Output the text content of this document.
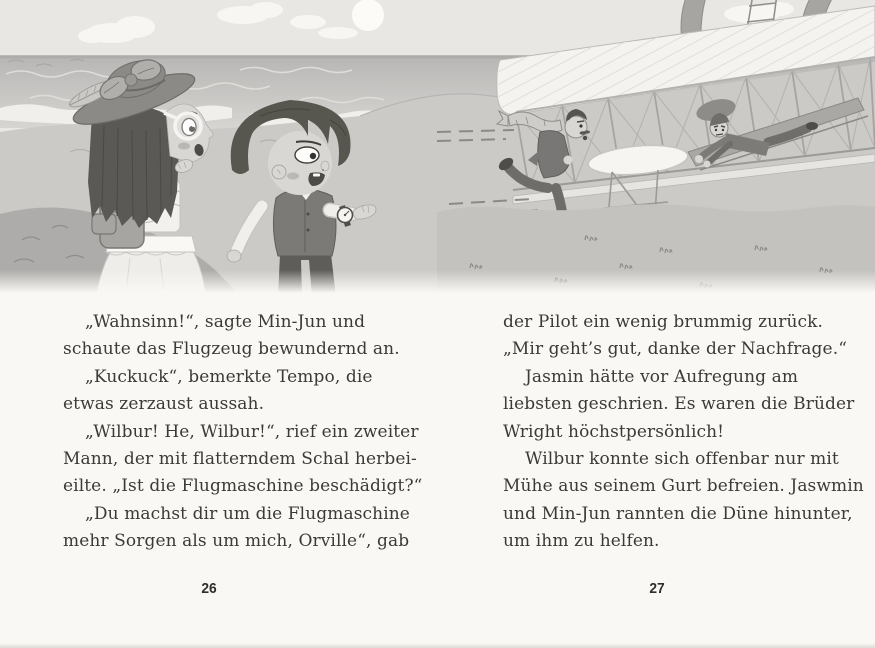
„Wahnsinn!“, sagte Min-Jun und

schaute das Flugzeug bewundernd an.

„Kuckuck“, bemerkte Tempo, die

etwas zerzaust aussah.

„Wilbur! He, Wilbur!“, rief ein zweiter

Mann, der mit flatterndem Schal herbei-

eilte. „Ist die Flugmaschine beschädigt?“

„Du machst dir um die Flugmaschine

mehr Sorgen als um mich, Orville“, gab

der Pilot ein wenig brummig zurück.

„Mir geht’s gut, danke der Nachfrage.“

Jasmin hätte vor Aufregung am

liebsten geschrien. Es waren die Brüder

Wright höchstpersönlich!

Wilbur konnte sich offenbar nur mit

Mühe aus seinem Gurt befreien. Jaswmin

und Min-Jun rannten die Düne hinunter,

um ihm zu helfen.

26	27
